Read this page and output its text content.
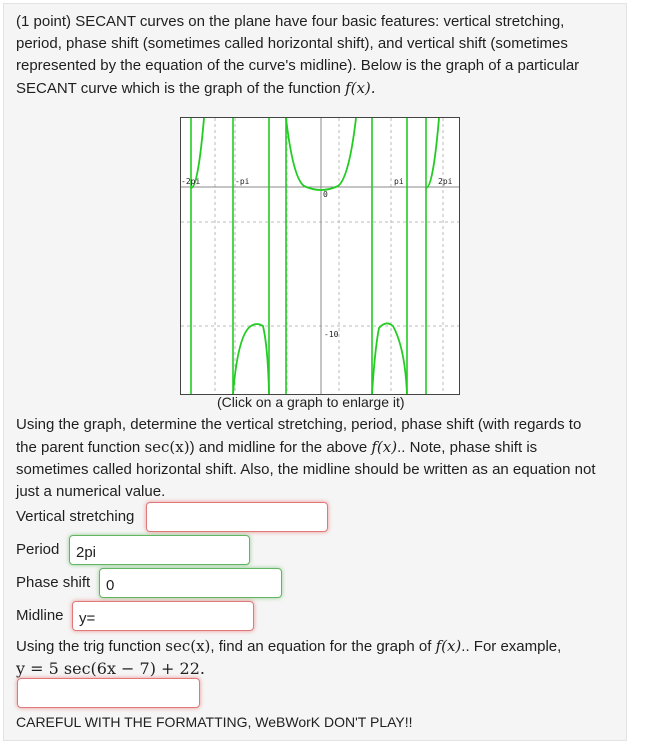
(1 point) SECANT curves on the plane have four basic features: vertical stretching,
period, phase shift (sometimes called horizontal shift), and vertical shift (sometimes
represented by the equation of the curve's midline). Below is the graph of a particular
SECANT curve which is the graph of the function f(x).
-2pi	-pi	pi	2pi
0
-10
(Click on a graph to enlarge it)
Using the graph, determine the vertical stretching, period, phase shift (with regards to
the parent function sec(x)) and midline for the above f(x).. Note, phase shift is
sometimes called horizontal shift. Also, the midline should be written as an equation not
just a numerical value.
Vertical stretching
Period	2pi
Phase shift	0
Midline	y=
Using the trig function sec(x), find an equation for the graph of f(x).. For example,
y = 5 sec(6x − 7) + 22.
CAREFUL WITH THE FORMATTING, WeBWorK DON'T PLAY!!
